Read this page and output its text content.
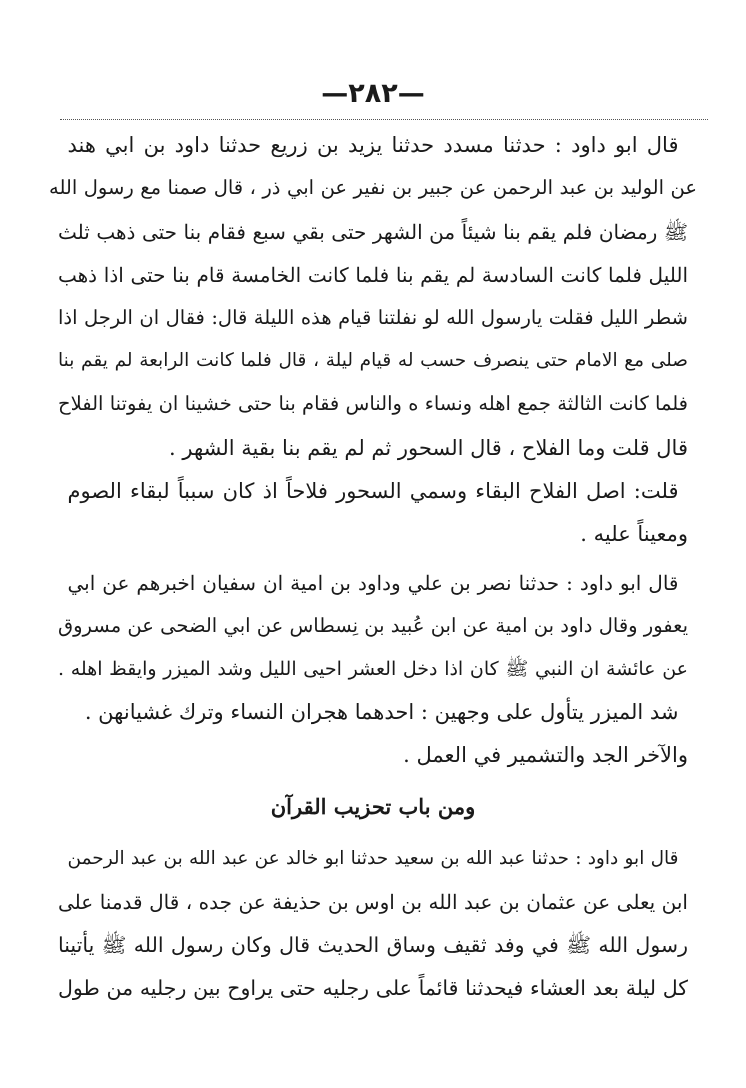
—٢٨٢—
قال ابو داود : حدثنا مسدد حدثنا يزيد بن زريع حدثنا داود بن ابي هند
عن الوليد بن عبد الرحمن عن جبير بن نفير عن ابي ذر ، قال صمنا مع رسول الله
ﷺ رمضان فلم يقم بنا شيئاً من الشهر حتى بقي سبع فقام بنا حتى ذهب ثلث
الليل فلما كانت السادسة لم يقم بنا فلما كانت الخامسة قام بنا حتى اذا ذهب
شطر الليل فقلت يارسول الله لو نفلتنا قيام هذه الليلة قال: فقال ان الرجل اذا
صلى مع الامام حتى ينصرف حسب له قيام ليلة ، قال فلما كانت الرابعة لم يقم بنا
فلما كانت الثالثة جمع اهله ونساء ه والناس فقام بنا حتى خشينا ان يفوتنا الفلاح
قال قلت وما الفلاح ، قال السحور ثم لم يقم بنا بقية الشهر .
قلت: اصل الفلاح البقاء وسمي السحور فلاحاً اذ كان سبباً لبقاء الصوم
ومعيناً عليه .
قال ابو داود : حدثنا نصر بن علي وداود بن امية ان سفيان اخبرهم عن ابي
يعفور وقال داود بن امية عن ابن عُبيد بن نِسطاس عن ابي الضحى عن مسروق
عن عائشة ان النبي ﷺ كان اذا دخل العشر احيى الليل وشد الميزر وايقظ اهله .
شد الميزر يتأول على وجهين : احدهما هجران النساء وترك غشيانهن .
والآخر الجد والتشمير في العمل .
ومن باب تحزيب القرآن
قال ابو داود : حدثنا عبد الله بن سعيد حدثنا ابو خالد عن عبد الله بن عبد الرحمن
ابن يعلى عن عثمان بن عبد الله بن اوس بن حذيفة عن جده ، قال قدمنا على
رسول الله ﷺ في وفد ثقيف وساق الحديث قال وكان رسول الله ﷺ يأتينا
كل ليلة بعد العشاء فيحدثنا قائماً على رجليه حتى يراوح بين رجليه من طول
